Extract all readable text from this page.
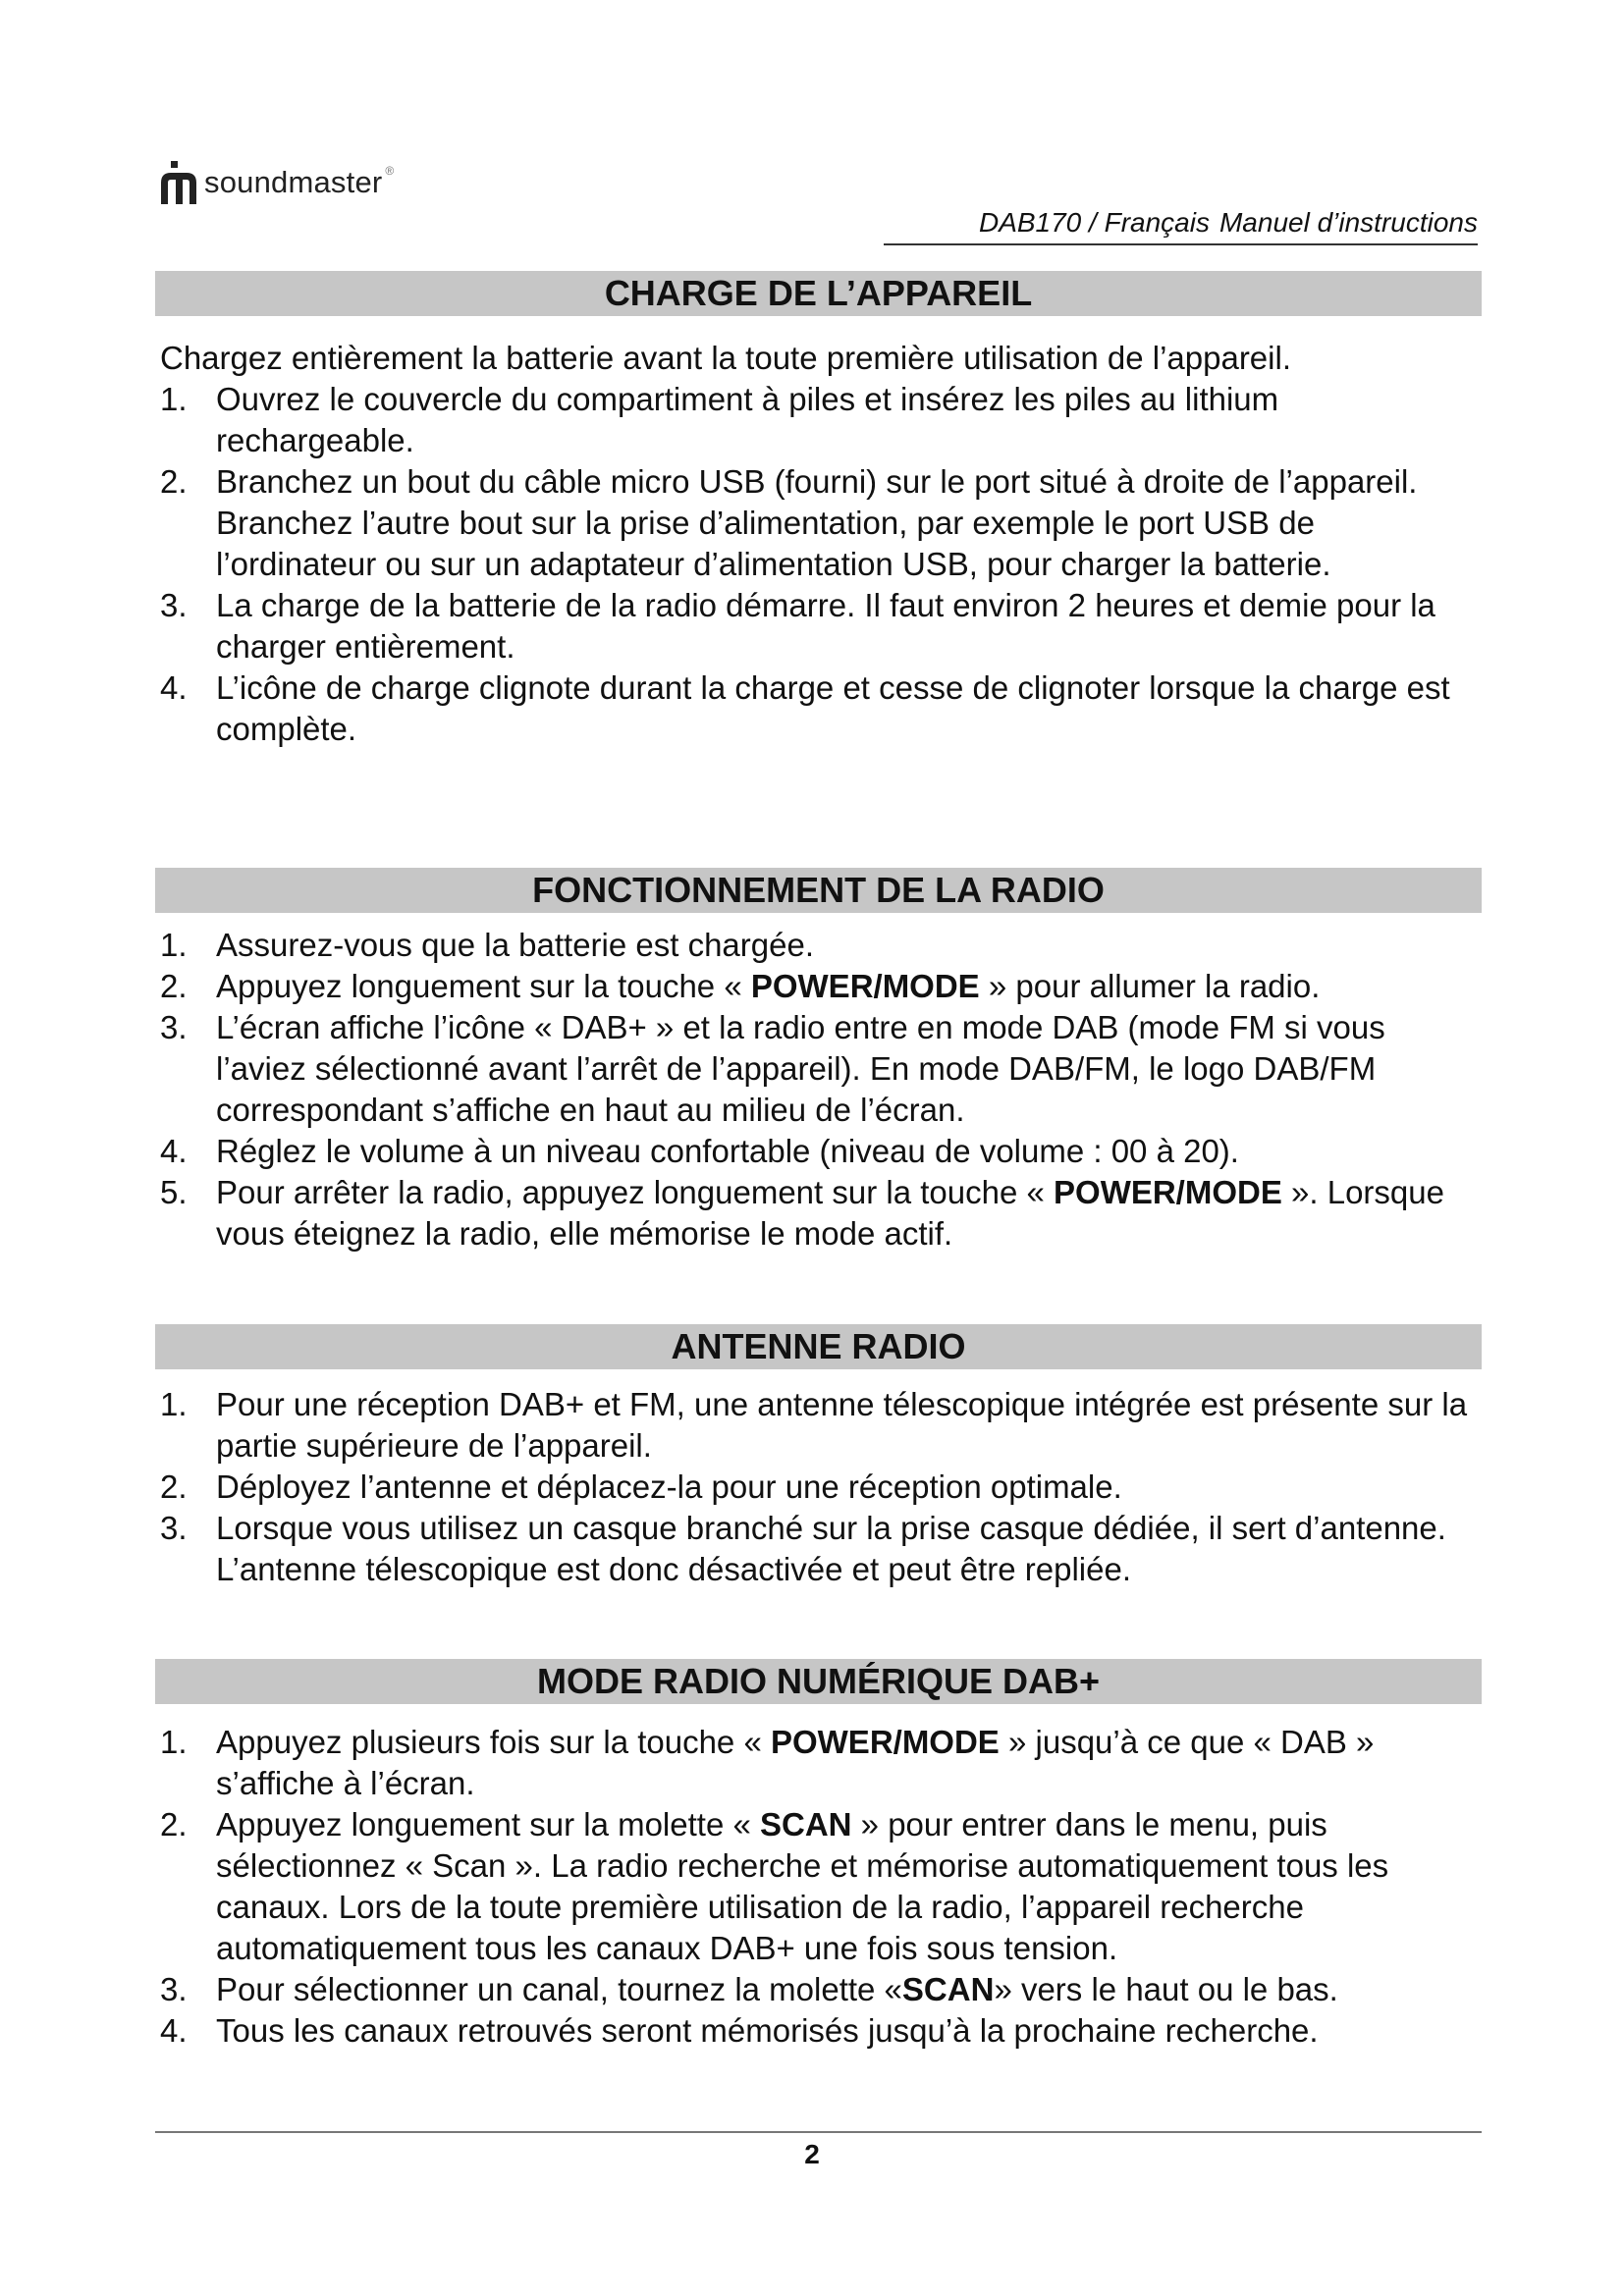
soundmaster ®
DAB170 / Français Manuel d’instructions
CHARGE DE L’APPAREIL

Chargez entièrement la batterie avant la toute première utilisation de l’appareil.

1. Ouvrez le couvercle du compartiment à piles et insérez les piles au lithium rechargeable.
2. Branchez un bout du câble micro USB (fourni) sur le port situé à droite de l’appareil. Branchez l’autre bout sur la prise d’alimentation, par exemple le port USB de l’ordinateur ou sur un adaptateur d’alimentation USB, pour charger la batterie.
3. La charge de la batterie de la radio démarre. Il faut environ 2 heures et demie pour la charger entièrement.
4. L’icône de charge clignote durant la charge et cesse de clignoter lorsque la charge est complète.
FONCTIONNEMENT DE LA RADIO
1. Assurez-vous que la batterie est chargée.
2. Appuyez longuement sur la touche « POWER/MODE » pour allumer la radio.
3. L’écran affiche l’icône « DAB+ » et la radio entre en mode DAB (mode FM si vous l’aviez sélectionné avant l’arrêt de l’appareil). En mode DAB/FM, le logo DAB/FM correspondant s’affiche en haut au milieu de l’écran.
4. Réglez le volume à un niveau confortable (niveau de volume : 00 à 20).
5. Pour arrêter la radio, appuyez longuement sur la touche « POWER/MODE ». Lorsque vous éteignez la radio, elle mémorise le mode actif.
ANTENNE RADIO
1. Pour une réception DAB+ et FM, une antenne télescopique intégrée est présente sur la partie supérieure de l’appareil.
2. Déployez l’antenne et déplacez-la pour une réception optimale.
3. Lorsque vous utilisez un casque branché sur la prise casque dédiée, il sert d’antenne. L’antenne télescopique est donc désactivée et peut être repliée.
MODE RADIO NUMÉRIQUE DAB+
1. Appuyez plusieurs fois sur la touche « POWER/MODE » jusqu’à ce que « DAB » s’affiche à l’écran.
2. Appuyez longuement sur la molette « SCAN » pour entrer dans le menu, puis sélectionnez « Scan ». La radio recherche et mémorise automatiquement tous les canaux. Lors de la toute première utilisation de la radio, l’appareil recherche automatiquement tous les canaux DAB+ une fois sous tension.
3. Pour sélectionner un canal, tournez la molette «SCAN» vers le haut ou le bas.
4. Tous les canaux retrouvés seront mémorisés jusqu’à la prochaine recherche.
2
